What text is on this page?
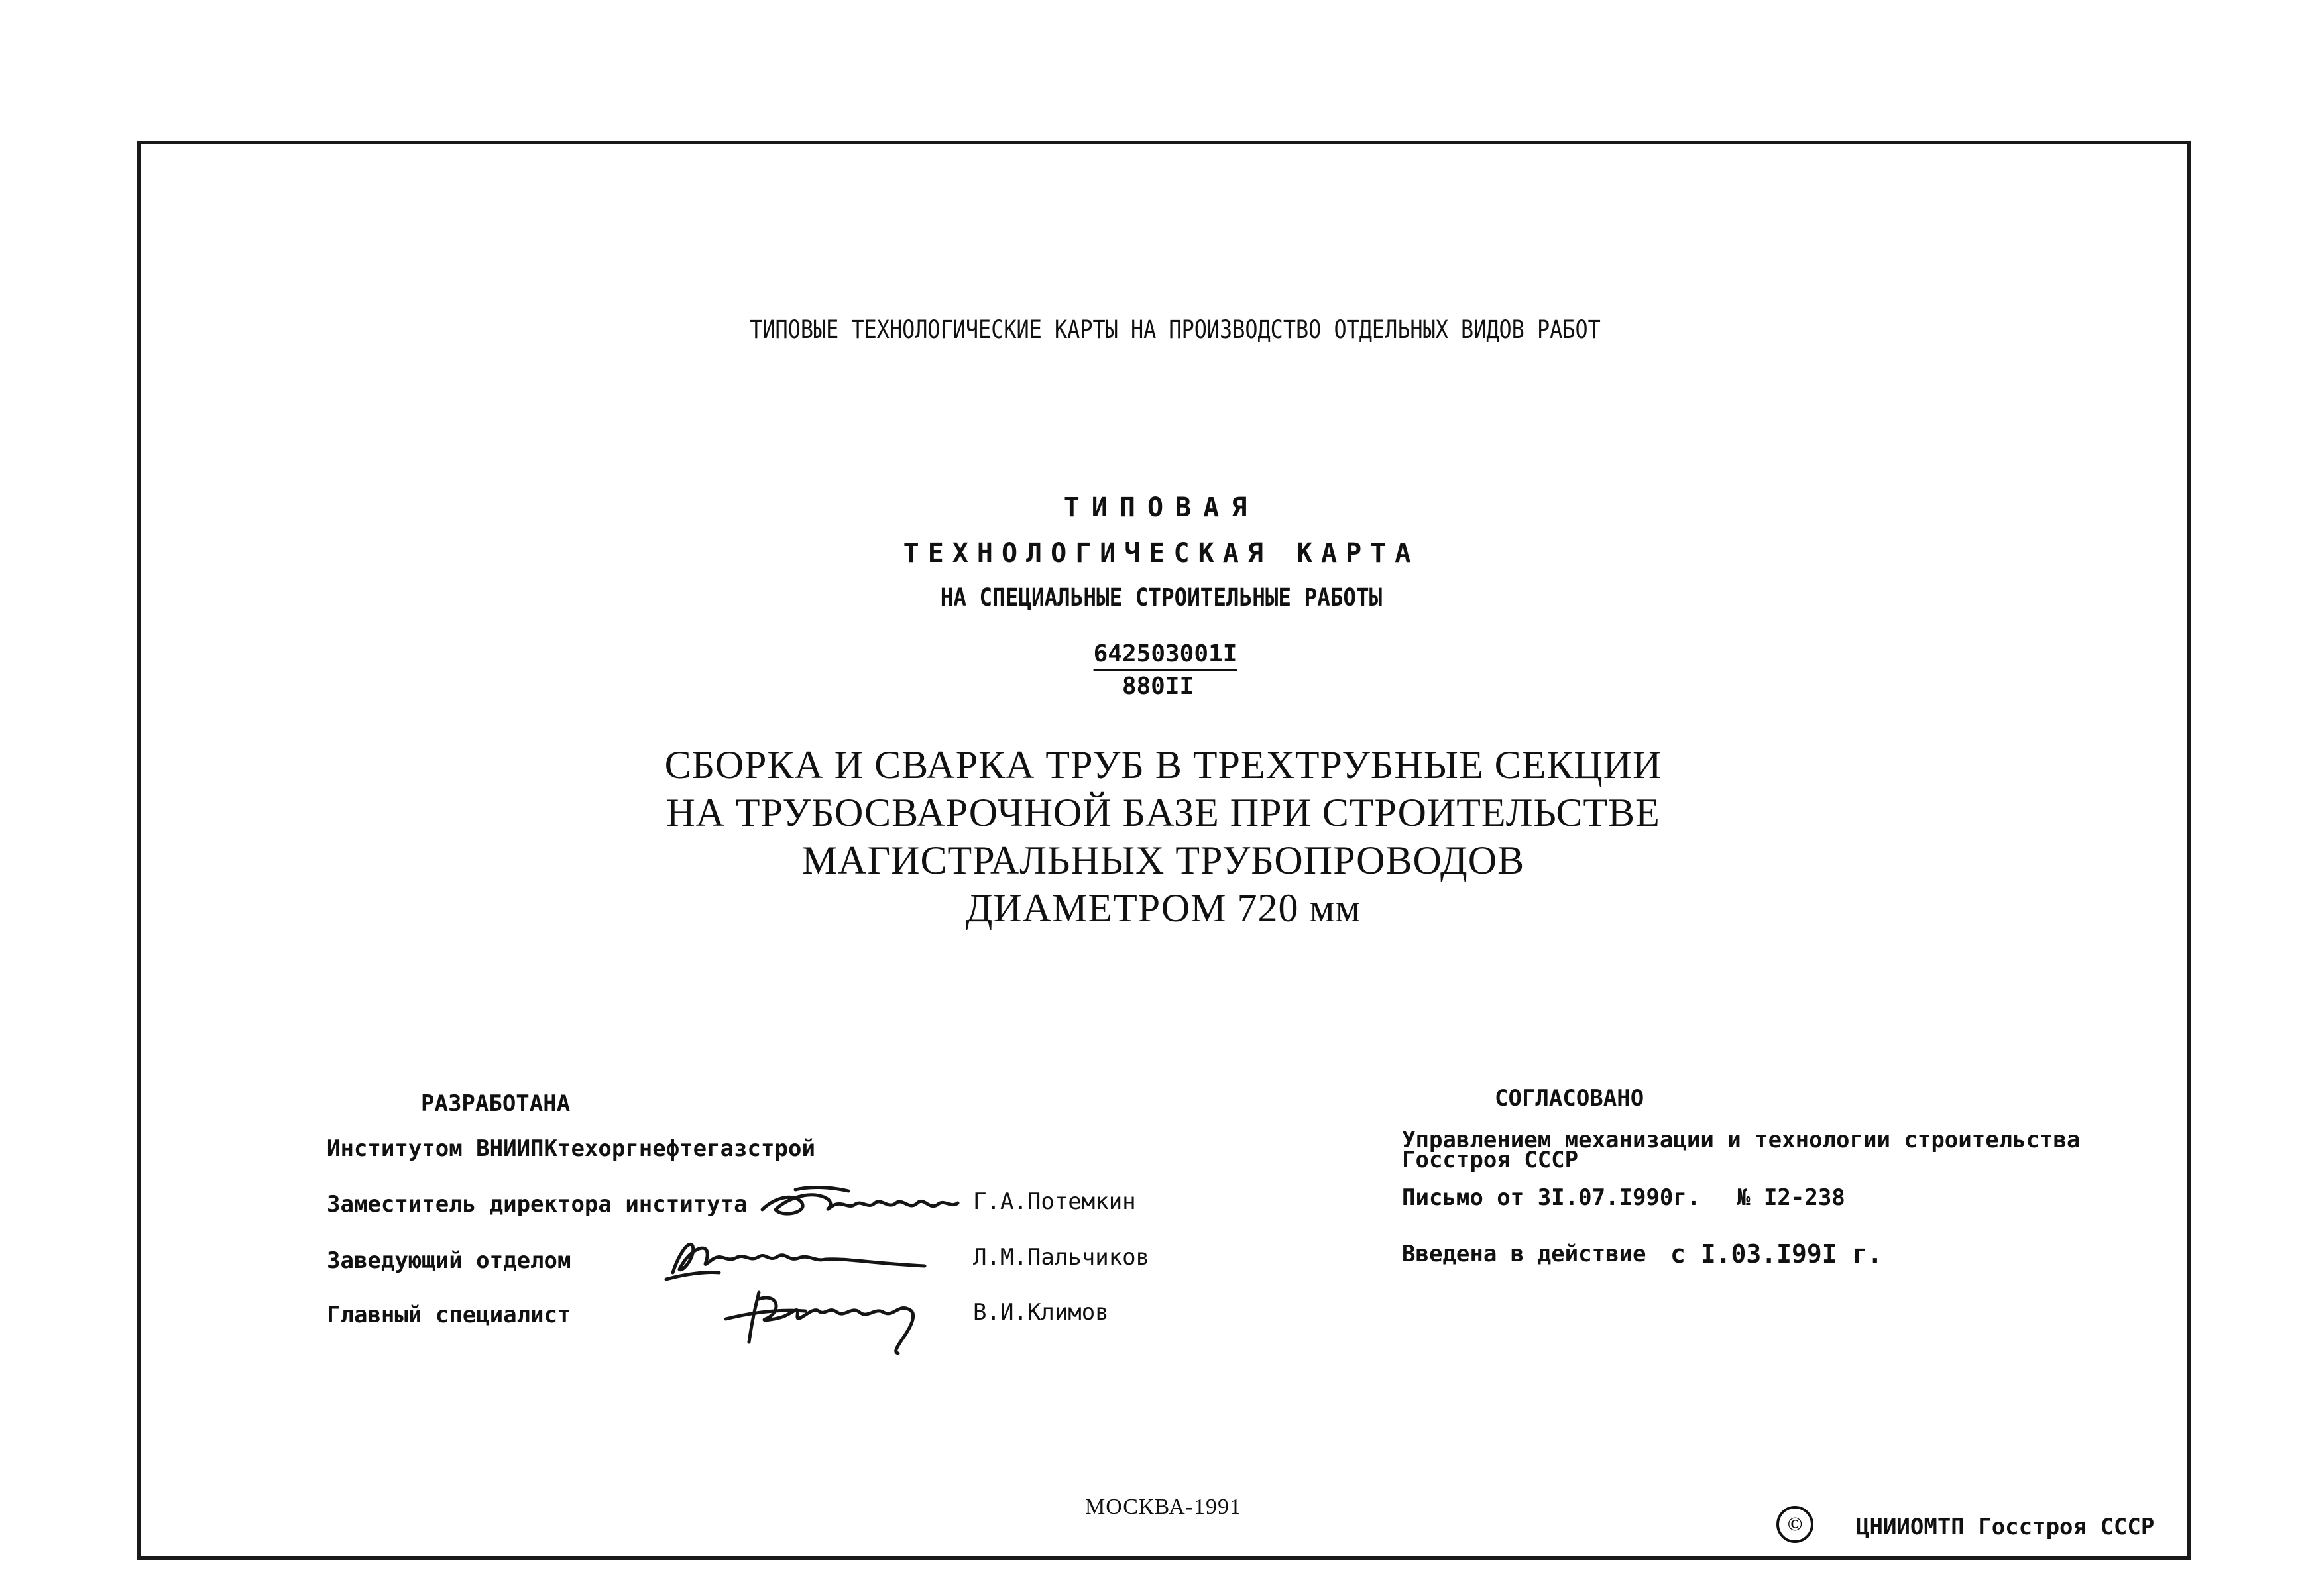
ТИПОВЫЕ ТЕХНОЛОГИЧЕСКИЕ КАРТЫ НА ПРОИЗВОДСТВО ОТДЕЛЬНЫХ ВИДОВ РАБОТ
ТИПОВАЯ
ТЕХНОЛОГИЧЕСКАЯ КАРТА
НА СПЕЦИАЛЬНЫЕ СТРОИТЕЛЬНЫЕ РАБОТЫ
642503001I
880II
СБОРКА И СВАРКА ТРУБ В ТРЕХТРУБНЫЕ СЕКЦИИ
НА ТРУБОСВАРОЧНОЙ БАЗЕ ПРИ СТРОИТЕЛЬСТВЕ
МАГИСТРАЛЬНЫХ ТРУБОПРОВОДОВ
ДИАМЕТРОМ 720 мм
РАЗРАБОТАНА
Институтом ВНИИПКтехоргнефтегазстрой
Заместитель директора института	Г.А.Потемкин
Заведующий отделом	Л.М.Пальчиков
Главный специалист	В.И.Климов
СОГЛАСОВАНО
Управлением механизации и технологии строительства
Госстроя СССР
Письмо от 3I.07.I990г. № I2-238
Введена в действие с I.03.I99I г.
МОСКВА-1991
©	ЦНИИОМТП Госстроя СССР
